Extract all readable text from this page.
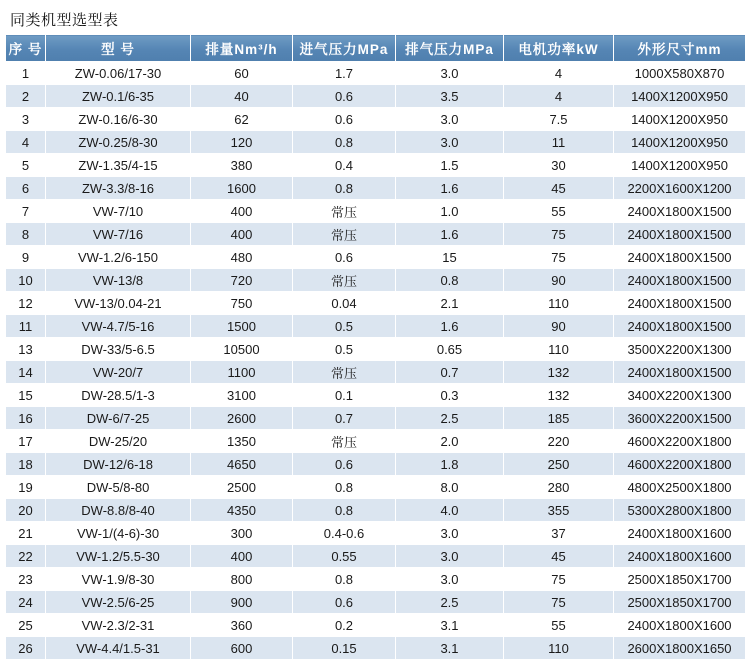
同类机型选型表
序 号	型 号	排量Nm³/h	进气压力MPa	排气压力MPa	电机功率kW	外形尺寸mm
1	ZW-0.06/17-30	60	1.7	3.0	4	1000X580X870
2	ZW-0.1/6-35	40	0.6	3.5	4	1400X1200X950
3	ZW-0.16/6-30	62	0.6	3.0	7.5	1400X1200X950
4	ZW-0.25/8-30	120	0.8	3.0	11	1400X1200X950
5	ZW-1.35/4-15	380	0.4	1.5	30	1400X1200X950
6	ZW-3.3/8-16	1600	0.8	1.6	45	2200X1600X1200
7	VW-7/10	400	常压	1.0	55	2400X1800X1500
8	VW-7/16	400	常压	1.6	75	2400X1800X1500
9	VW-1.2/6-150	480	0.6	15	75	2400X1800X1500
10	VW-13/8	720	常压	0.8	90	2400X1800X1500
12	VW-13/0.04-21	750	0.04	2.1	110	2400X1800X1500
11	VW-4.7/5-16	1500	0.5	1.6	90	2400X1800X1500
13	DW-33/5-6.5	10500	0.5	0.65	110	3500X2200X1300
14	VW-20/7	1100	常压	0.7	132	2400X1800X1500
15	DW-28.5/1-3	3100	0.1	0.3	132	3400X2200X1300
16	DW-6/7-25	2600	0.7	2.5	185	3600X2200X1500
17	DW-25/20	1350	常压	2.0	220	4600X2200X1800
18	DW-12/6-18	4650	0.6	1.8	250	4600X2200X1800
19	DW-5/8-80	2500	0.8	8.0	280	4800X2500X1800
20	DW-8.8/8-40	4350	0.8	4.0	355	5300X2800X1800
21	VW-1/(4-6)-30	300	0.4-0.6	3.0	37	2400X1800X1600
22	VW-1.2/5.5-30	400	0.55	3.0	45	2400X1800X1600
23	VW-1.9/8-30	800	0.8	3.0	75	2500X1850X1700
24	VW-2.5/6-25	900	0.6	2.5	75	2500X1850X1700
25	VW-2.3/2-31	360	0.2	3.1	55	2400X1800X1600
26	VW-4.4/1.5-31	600	0.15	3.1	110	2600X1800X1650
